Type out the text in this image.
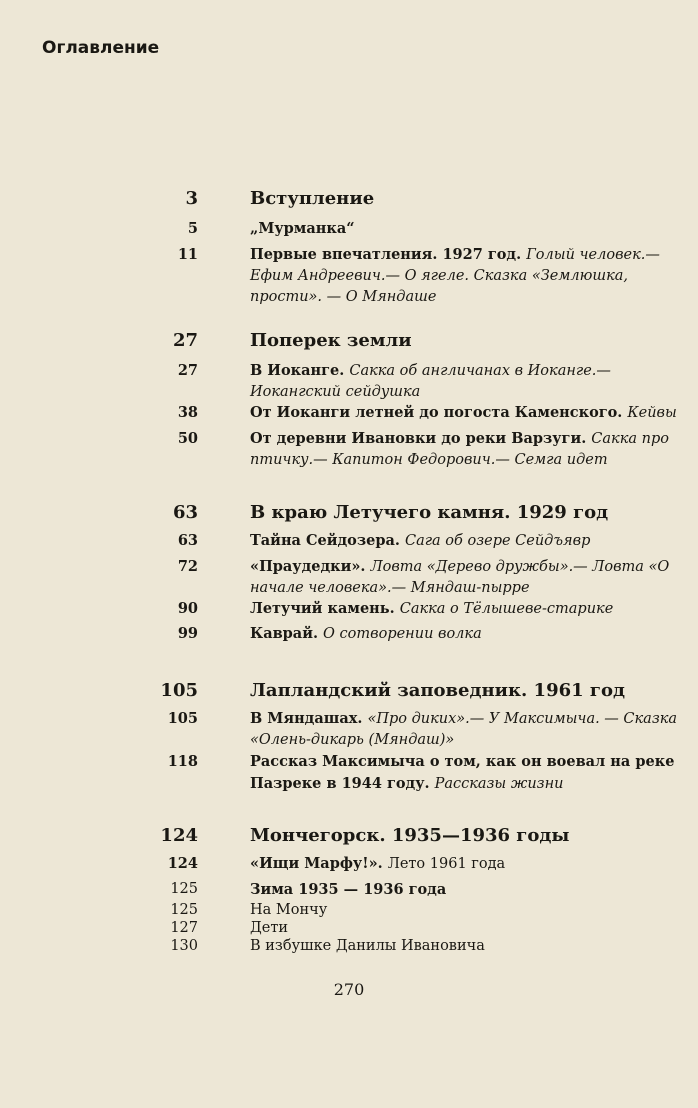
Оглавление
3	Вступление
5	„Мурманка“
11	Первые впечатления. 1927 год. Голый человек.— Ефим Андреевич.— О ягеле. Сказка «Землюшка, прости». — О Мяндаше
27	Поперек земли
27	В Иоканге. Сакка об англичанах в Иоканге.— Иокангский сейдушка
38	От Иоканги летней до погоста Каменского. Кейвы
50	От деревни Ивановки до реки Варзуги. Сакка про птичку.— Капитон Федорович.— Семга идет
63	В краю Летучего камня. 1929 год
63	Тайна Сейдозера. Сага об озере Сейдъявр
72	«Праудедки». Ловта «Дерево дружбы».— Ловта «О начале человека».— Мяндаш-пырре
90	Летучий камень. Сакка о Тёлышеве-старике
99	Каврай. О сотворении волка
105	Лапландский заповедник. 1961 год
105	В Мяндашах. «Про диких».— У Максимыча. — Сказка «Олень-дикарь (Мяндаш)»
118	Рассказ Максимыча о том, как он воевал на реке Пазреке в 1944 году. Рассказы жизни
124	Мончегорск. 1935—1936 годы
124	«Ищи Марфу!». Лето 1961 года
125	Зима 1935 — 1936 года
125	На Мончу
127	Дети
130	В избушке Данилы Ивановича
270
